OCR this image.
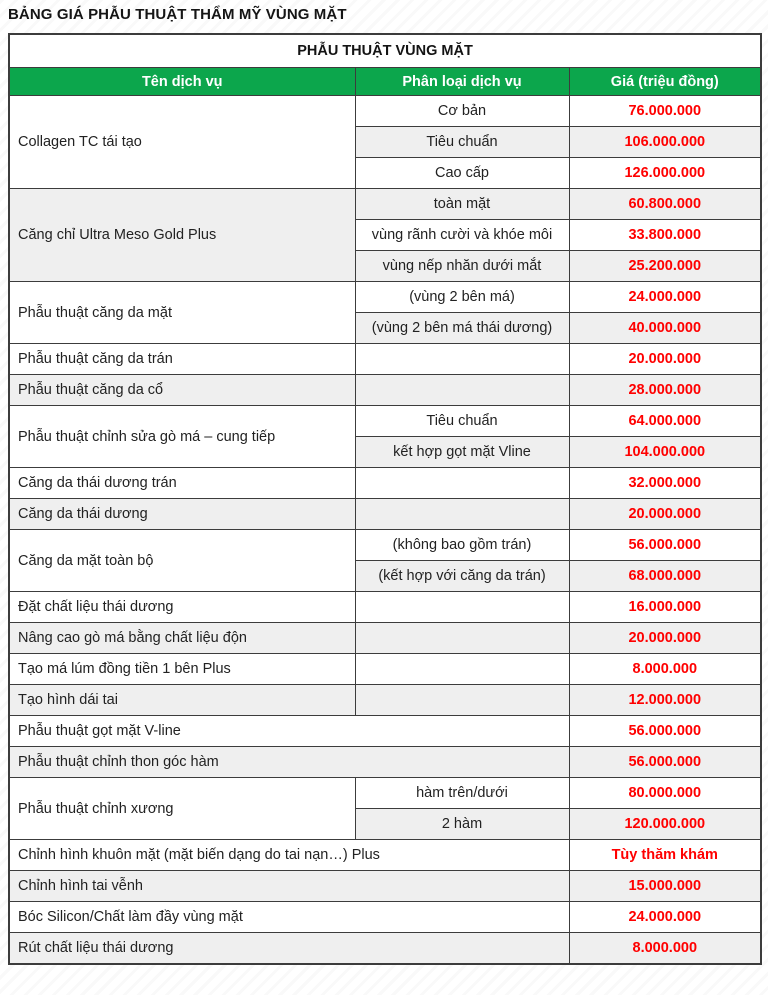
BẢNG GIÁ PHẪU THUẬT THẨM MỸ VÙNG MẶT
PHẪU THUẬT VÙNG MẶT		
Tên dịch vụ	Phân loại dịch vụ	Giá (triệu đồng)
Collagen TC tái tạo	Cơ bản	76.000.000
	Tiêu chuẩn	106.000.000
	Cao cấp	126.000.000
Căng chỉ Ultra Meso Gold Plus	toàn mặt	60.800.000
	vùng rãnh cười và khóe môi	33.800.000
	vùng nếp nhăn dưới mắt	25.200.000
Phẫu thuật căng da mặt	(vùng 2 bên má)	24.000.000
	(vùng 2 bên má thái dương)	40.000.000
Phẫu thuật căng da trán		20.000.000
Phẫu thuật căng da cổ		28.000.000
Phẫu thuật chỉnh sửa gò má – cung tiếp	Tiêu chuẩn	64.000.000
	kết hợp gọt mặt Vline	104.000.000
Căng da thái dương trán		32.000.000
Căng da thái dương		20.000.000
Căng da mặt toàn bộ	(không bao gồm trán)	56.000.000
	(kết hợp với căng da trán)	68.000.000
Đặt chất liệu thái dương		16.000.000
Nâng cao gò má bằng chất liệu độn		20.000.000
Tạo má lúm đồng tiền 1 bên Plus		8.000.000
Tạo hình dái tai		12.000.000
Phẫu thuật gọt mặt V-line		56.000.000
Phẫu thuật chỉnh thon góc hàm		56.000.000
Phẫu thuật chỉnh xương	hàm trên/dưới	80.000.000
	2 hàm	120.000.000
Chỉnh hình khuôn mặt (mặt biến dạng do tai nạn…) Plus		Tùy thăm khám
Chỉnh hình tai vễnh		15.000.000
Bóc Silicon/Chất làm đầy vùng mặt		24.000.000
Rút chất liệu thái dương		8.000.000
